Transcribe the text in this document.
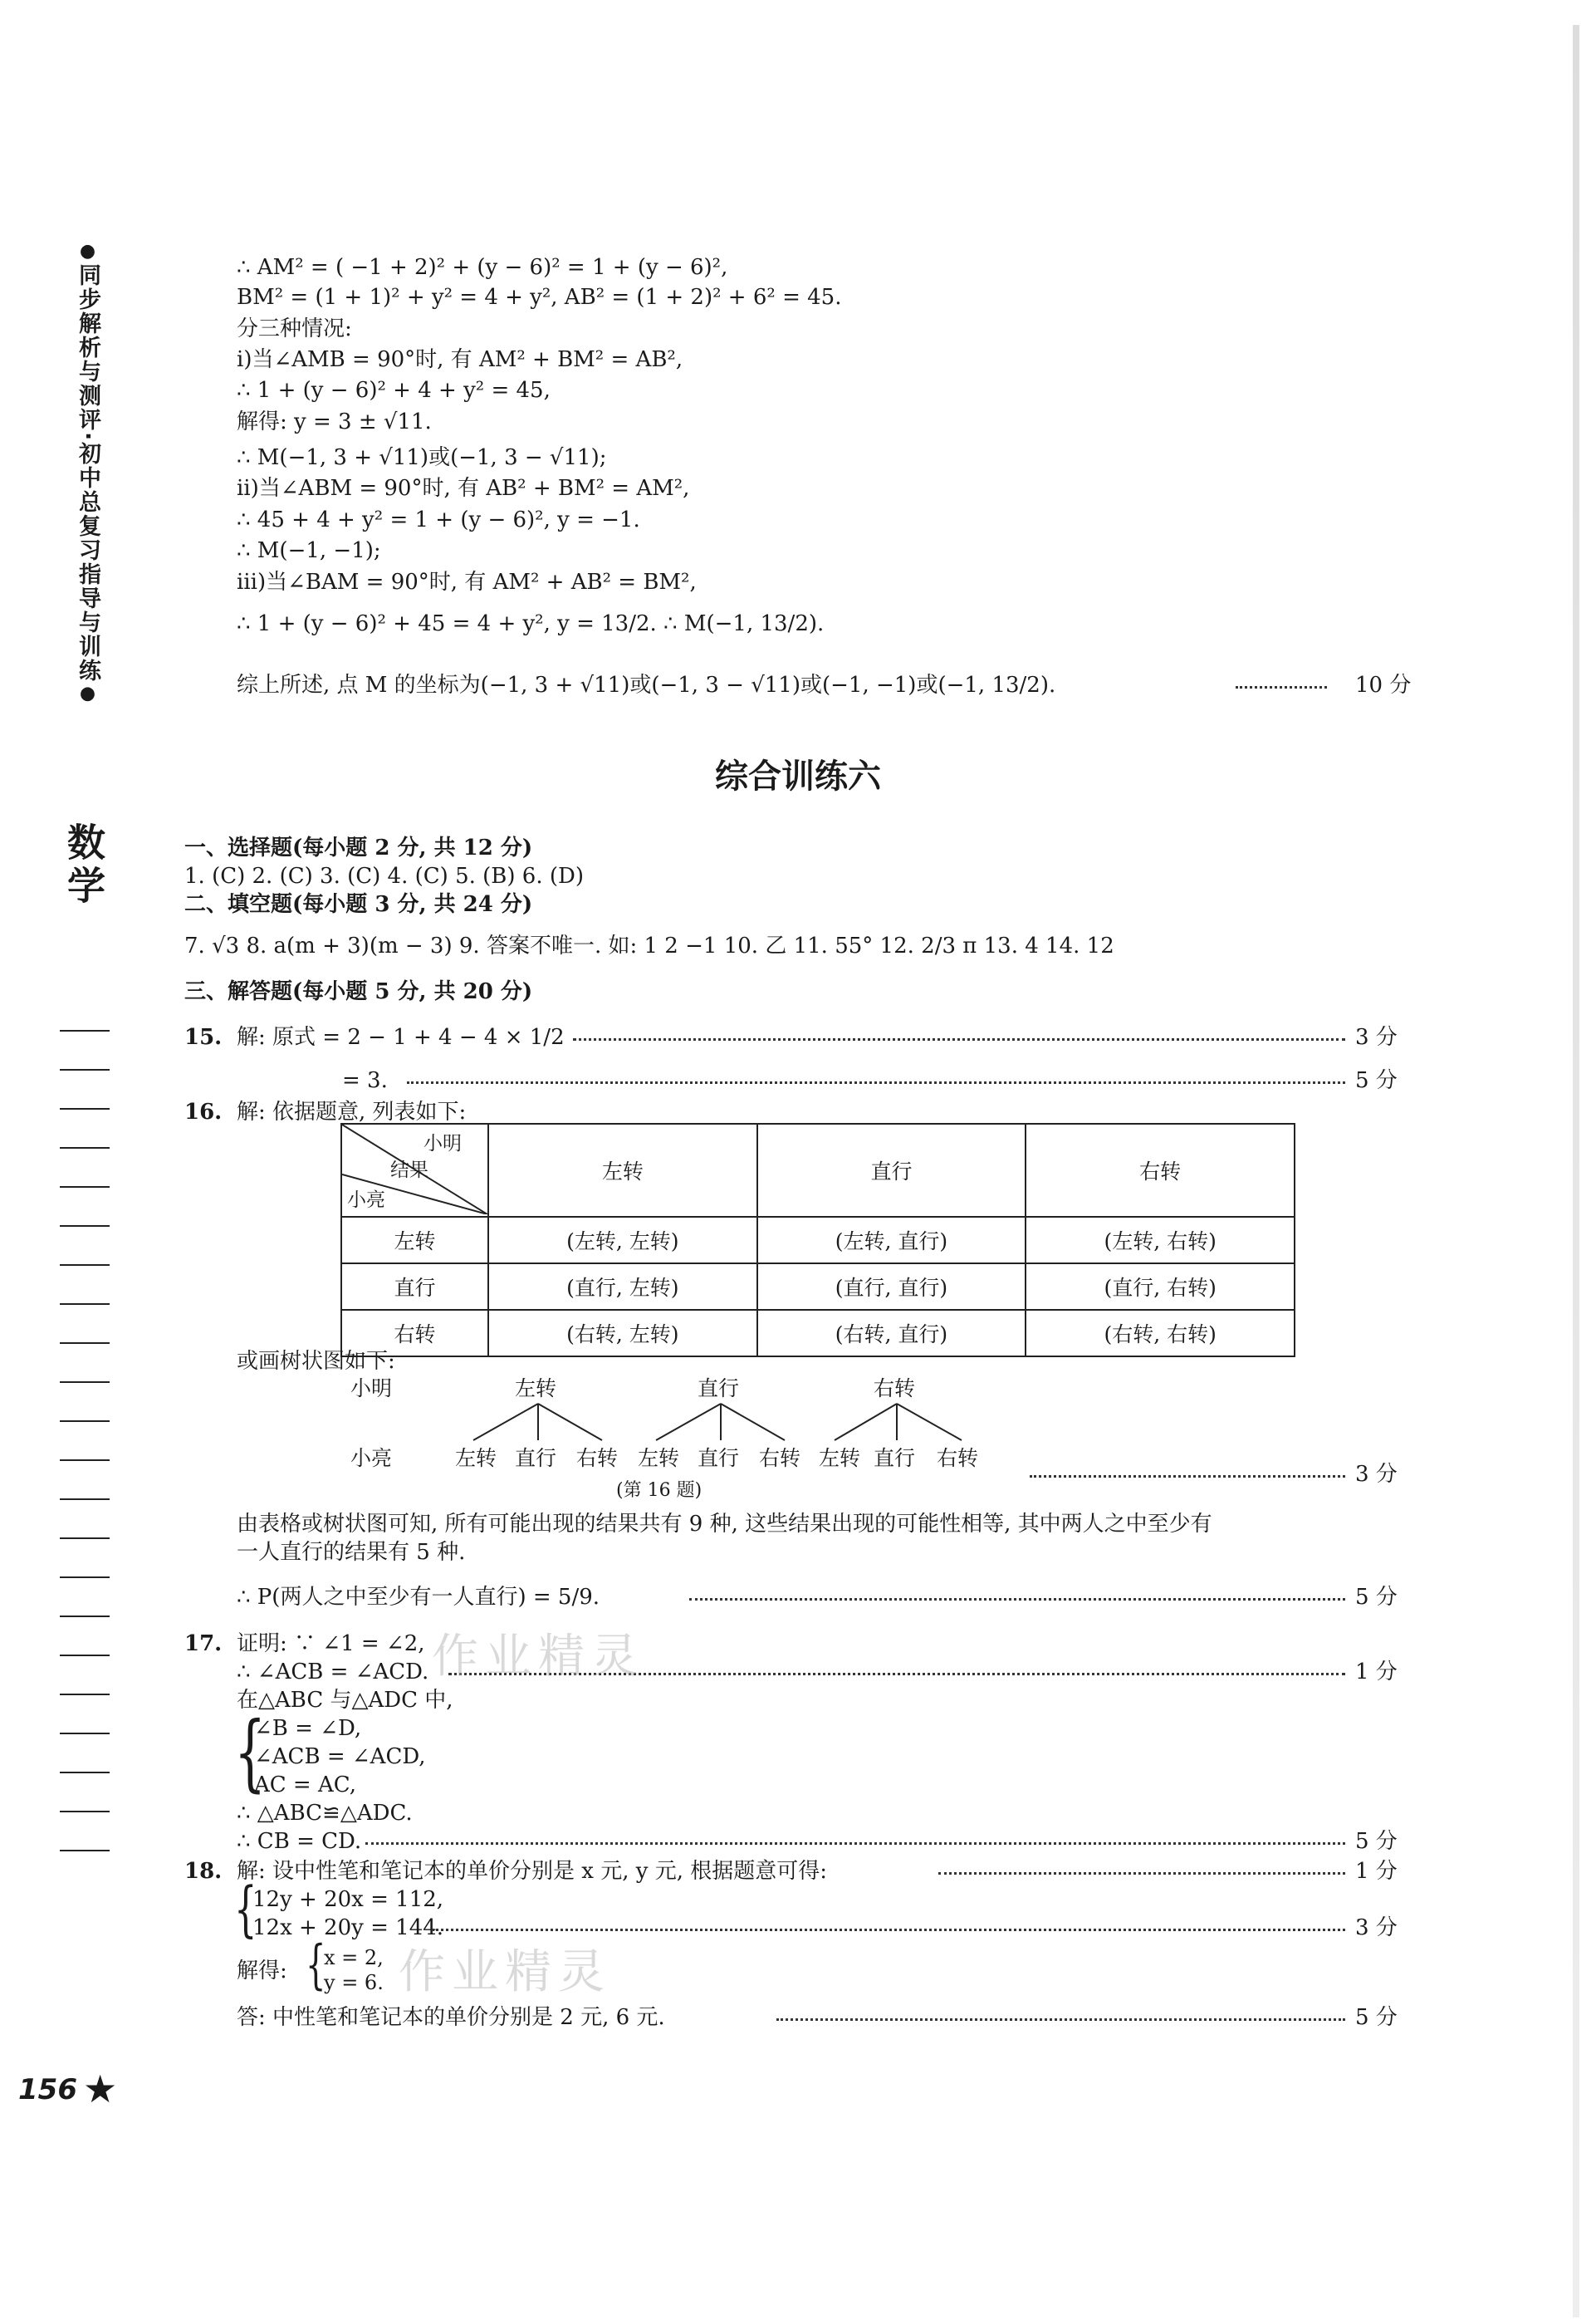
●同步解析与测评·初中总复习指导与训练●
数学
156 ★
∴ AM² = ( −1 + 2)² + (y − 6)² = 1 + (y − 6)²,
BM² = (1 + 1)² + y² = 4 + y², AB² = (1 + 2)² + 6² = 45.
分三种情况:
ⅰ)当∠AMB = 90°时, 有 AM² + BM² = AB²,
∴ 1 + (y − 6)² + 4 + y² = 45,
解得: y = 3 ± √11.
∴ M(−1, 3 + √11)或(−1, 3 − √11);
ⅱ)当∠ABM = 90°时, 有 AB² + BM² = AM²,
∴ 45 + 4 + y² = 1 + (y − 6)², y = −1.
∴ M(−1, −1);
ⅲ)当∠BAM = 90°时, 有 AM² + AB² = BM²,
∴ 1 + (y − 6)² + 45 = 4 + y², y = 13/2. ∴ M(−1, 13/2).
综上所述, 点 M 的坐标为(−1, 3 + √11)或(−1, 3 − √11)或(−1, −1)或(−1, 13/2).	10 分
综合训练六
一、选择题(每小题 2 分, 共 12 分)
1. (C) 2. (C) 3. (C) 4. (C) 5. (B) 6. (D)
二、填空题(每小题 3 分, 共 24 分)
7. √3 8. a(m + 3)(m − 3) 9. 答案不唯一. 如: 1 2 −1 10. 乙 11. 55° 12. 2/3 π 13. 4 14. 12
三、解答题(每小题 5 分, 共 20 分)
15. 解: 原式 = 2 − 1 + 4 − 4 × 1/2	3 分
= 3.	5 分
16. 解: 依据题意, 列表如下:
小明
结果
小亮	左转	直行	右转
左转	(左转, 左转)	(左转, 直行)	(左转, 右转)
直行	(直行, 左转)	(直行, 直行)	(直行, 右转)
右转	(右转, 左转)	(右转, 直行)	(右转, 右转)
或画树状图如下:
小明
小亮
左转	直行	右转
左转 直行 右转 左转 直行 右转 左转 直行 右转
(第 16 题)
3 分
由表格或树状图可知, 所有可能出现的结果共有 9 种, 这些结果出现的可能性相等, 其中两人之中至少有
一人直行的结果有 5 种.
∴ P(两人之中至少有一人直行) = 5/9.	5 分
17. 证明: ∵ ∠1 = ∠2,
∴ ∠ACB = ∠ACD.	1 分
在△ABC 与△ADC 中,
{
∠B = ∠D,
∠ACB = ∠ACD,
AC = AC,
∴ △ABC≌△ADC.
∴ CB = CD.	5 分
18. 解: 设中性笔和笔记本的单价分别是 x 元, y 元, 根据题意可得:	1 分
{
12y + 20x = 112,
12x + 20y = 144.	3 分
解得: {
x = 2,
y = 6.
答: 中性笔和笔记本的单价分别是 2 元, 6 元.	5 分
作业精灵
作业精灵
